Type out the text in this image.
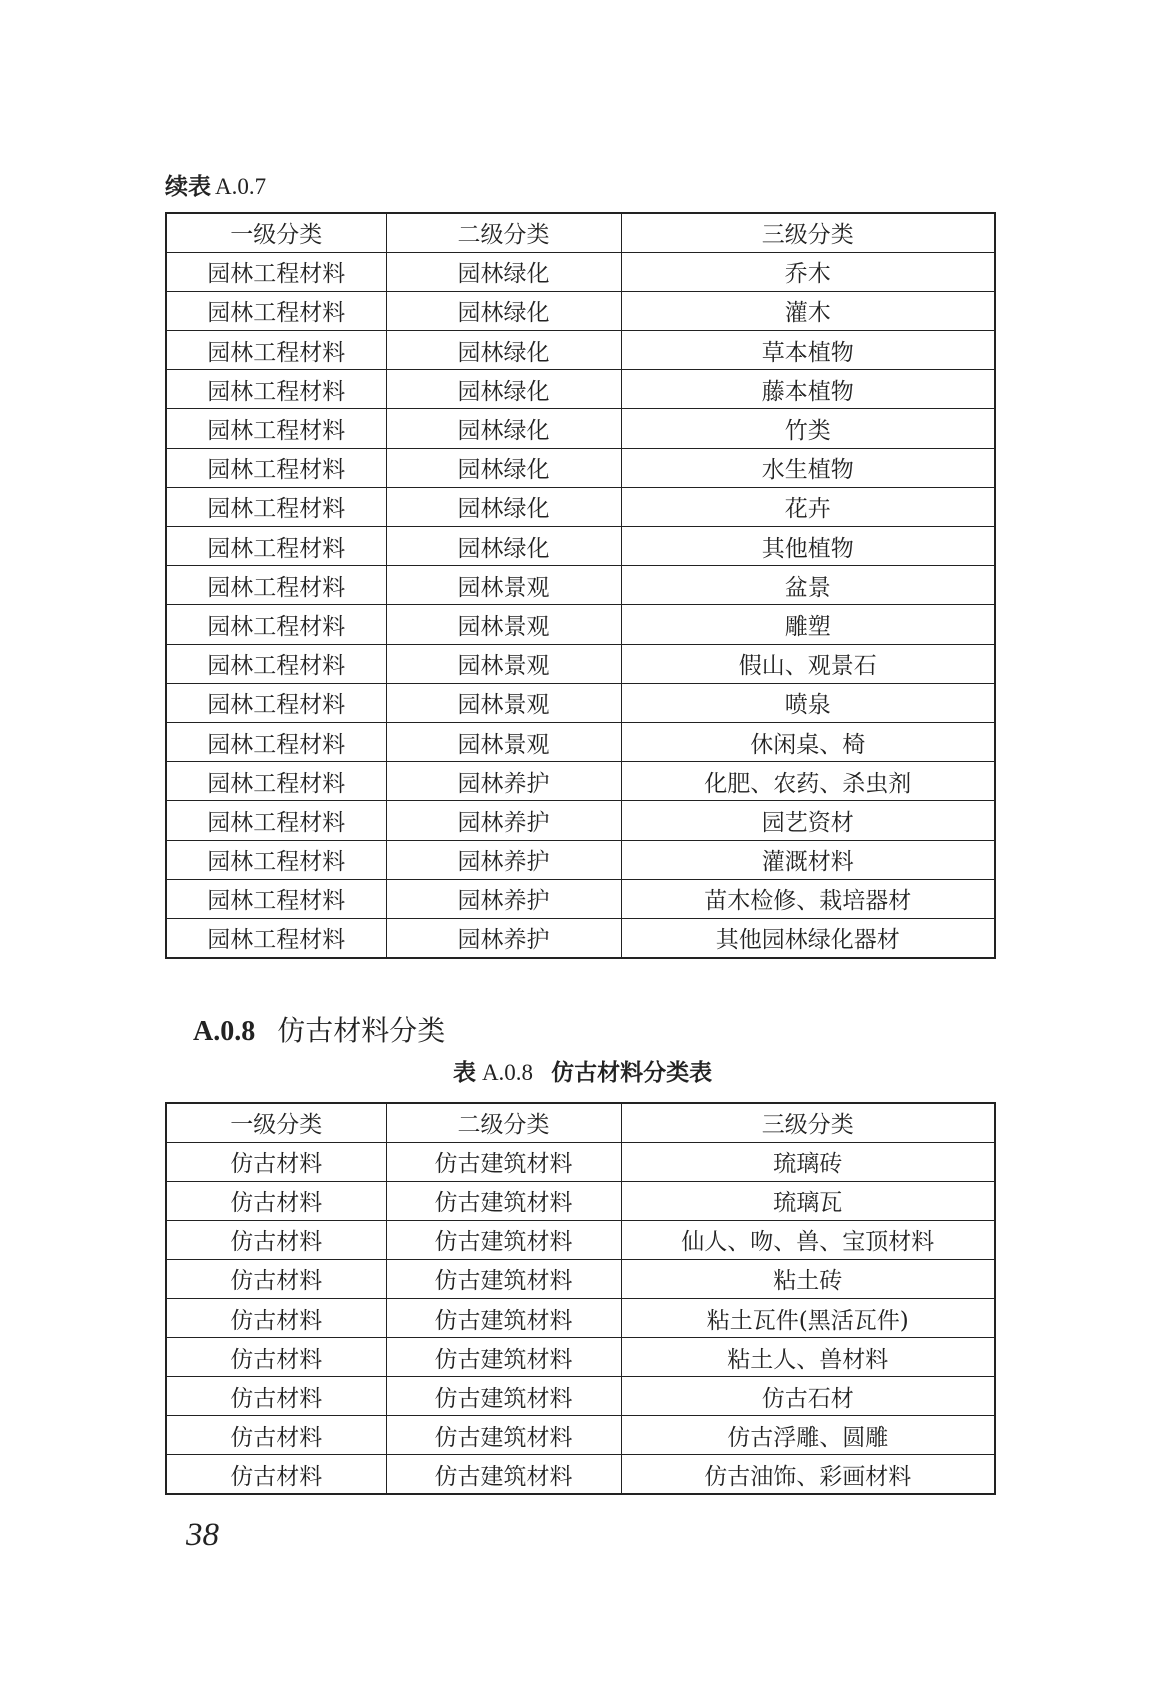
续表 A.0.7
一级分类	二级分类	三级分类
园林工程材料	园林绿化	乔木
园林工程材料	园林绿化	灌木
园林工程材料	园林绿化	草本植物
园林工程材料	园林绿化	藤本植物
园林工程材料	园林绿化	竹类
园林工程材料	园林绿化	水生植物
园林工程材料	园林绿化	花卉
园林工程材料	园林绿化	其他植物
园林工程材料	园林景观	盆景
园林工程材料	园林景观	雕塑
园林工程材料	园林景观	假山、观景石
园林工程材料	园林景观	喷泉
园林工程材料	园林景观	休闲桌、椅
园林工程材料	园林养护	化肥、农药、杀虫剂
园林工程材料	园林养护	园艺资材
园林工程材料	园林养护	灌溉材料
园林工程材料	园林养护	苗木检修、栽培器材
园林工程材料	园林养护	其他园林绿化器材
A.0.8 仿古材料分类
表 A.0.8 仿古材料分类表
一级分类	二级分类	三级分类
仿古材料	仿古建筑材料	琉璃砖
仿古材料	仿古建筑材料	琉璃瓦
仿古材料	仿古建筑材料	仙人、吻、兽、宝顶材料
仿古材料	仿古建筑材料	粘土砖
仿古材料	仿古建筑材料	粘土瓦件(黑活瓦件)
仿古材料	仿古建筑材料	粘土人、兽材料
仿古材料	仿古建筑材料	仿古石材
仿古材料	仿古建筑材料	仿古浮雕、圆雕
仿古材料	仿古建筑材料	仿古油饰、彩画材料
38
